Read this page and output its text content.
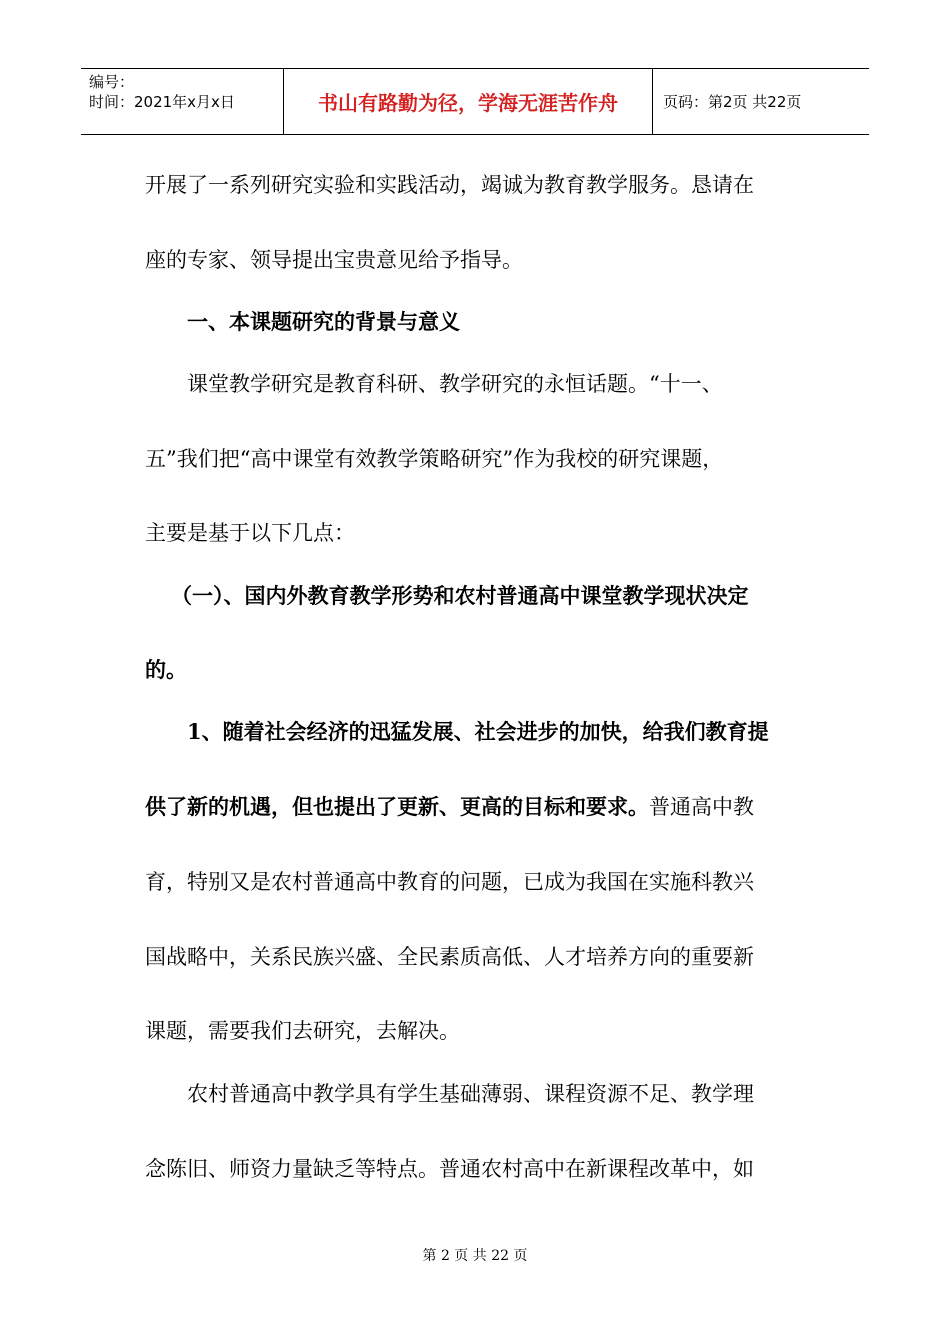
编号：
时间：2021年x月x日	书山有路勤为径，学海无涯苦作舟	页码：第2页 共22页
开展了一系列研究实验和实践活动，竭诚为教育教学服务。恳请在
座的专家、领导提出宝贵意见给予指导。
一、本课题研究的背景与意义
课堂教学研究是教育科研、教学研究的永恒话题。“十一、
五”我们把“高中课堂有效教学策略研究”作为我校的研究课题，
主要是基于以下几点：
（一）、国内外教育教学形势和农村普通高中课堂教学现状决定
的。
1、随着社会经济的迅猛发展、社会进步的加快，给我们教育提
供了新的机遇，但也提出了更新、更高的目标和要求。普通高中教
育，特别又是农村普通高中教育的问题，已成为我国在实施科教兴
国战略中，关系民族兴盛、全民素质高低、人才培养方向的重要新
课题，需要我们去研究，去解决。
农村普通高中教学具有学生基础薄弱、课程资源不足、教学理
念陈旧、师资力量缺乏等特点。普通农村高中在新课程改革中，如
第 2 页 共 22 页
